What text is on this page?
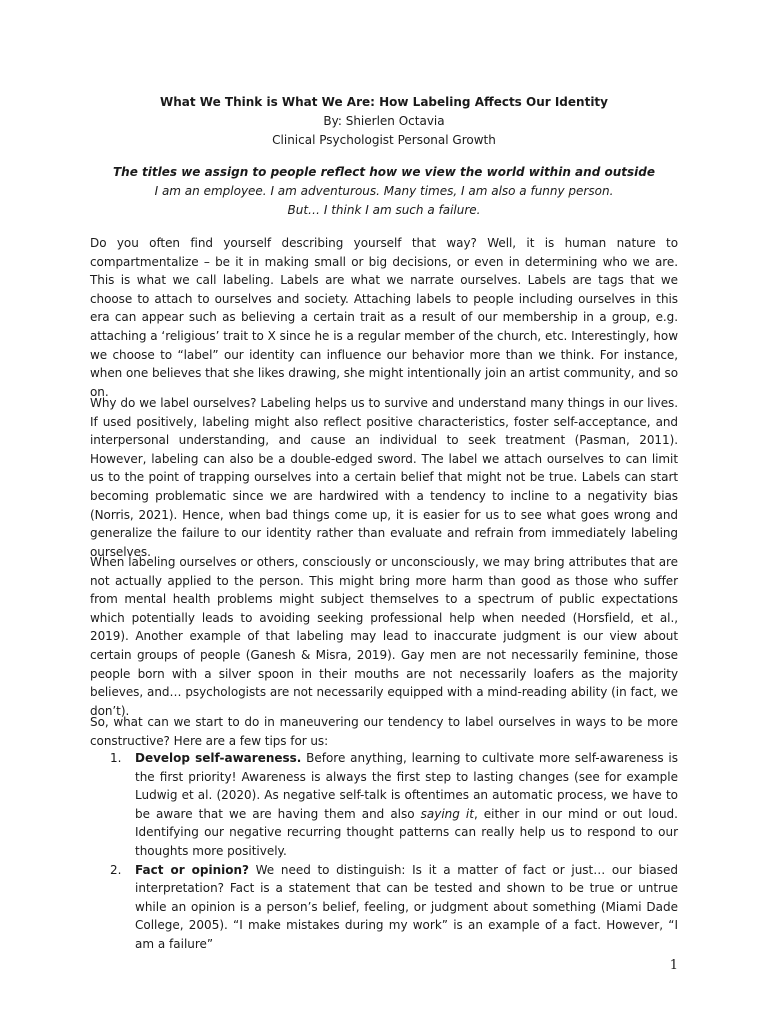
What We Think is What We Are: How Labeling Affects Our Identity
By: Shierlen Octavia
Clinical Psychologist Personal Growth
The titles we assign to people reflect how we view the world within and outside
I am an employee. I am adventurous. Many times, I am also a funny person.
But… I think I am such a failure.

Do you often find yourself describing yourself that way? Well, it is human nature to compartmentalize – be it in making small or big decisions, or even in determining who we are. This is what we call labeling. Labels are what we narrate ourselves. Labels are tags that we choose to attach to ourselves and society. Attaching labels to people including ourselves in this era can appear such as believing a certain trait as a result of our membership in a group, e.g. attaching a ‘religious’ trait to X since he is a regular member of the church, etc. Interestingly, how we choose to “label” our identity can influence our behavior more than we think. For instance, when one believes that she likes drawing, she might intentionally join an artist community, and so on.

Why do we label ourselves? Labeling helps us to survive and understand many things in our lives. If used positively, labeling might also reflect positive characteristics, foster self-acceptance, and interpersonal understanding, and cause an individual to seek treatment (Pasman, 2011). However, labeling can also be a double-edged sword. The label we attach ourselves to can limit us to the point of trapping ourselves into a certain belief that might not be true. Labels can start becoming problematic since we are hardwired with a tendency to incline to a negativity bias (Norris, 2021). Hence, when bad things come up, it is easier for us to see what goes wrong and generalize the failure to our identity rather than evaluate and refrain from immediately labeling ourselves.

When labeling ourselves or others, consciously or unconsciously, we may bring attributes that are not actually applied to the person. This might bring more harm than good as those who suffer from mental health problems might subject themselves to a spectrum of public expectations which potentially leads to avoiding seeking professional help when needed (Horsfield, et al., 2019). Another example of that labeling may lead to inaccurate judgment is our view about certain groups of people (Ganesh & Misra, 2019). Gay men are not necessarily feminine, those people born with a silver spoon in their mouths are not necessarily loafers as the majority believes, and… psychologists are not necessarily equipped with a mind-reading ability (in fact, we don’t).

So, what can we start to do in maneuvering our tendency to label ourselves in ways to be more constructive? Here are a few tips for us:

1. Develop self-awareness. Before anything, learning to cultivate more self-awareness is the first priority! Awareness is always the first step to lasting changes (see for example Ludwig et al. (2020). As negative self-talk is oftentimes an automatic process, we have to be aware that we are having them and also saying it, either in our mind or out loud. Identifying our negative recurring thought patterns can really help us to respond to our thoughts more positively.
2. Fact or opinion? We need to distinguish: Is it a matter of fact or just… our biased interpretation? Fact is a statement that can be tested and shown to be true or untrue while an opinion is a person’s belief, feeling, or judgment about something (Miami Dade College, 2005). “I make mistakes during my work” is an example of a fact. However, “I am a failure”
1
